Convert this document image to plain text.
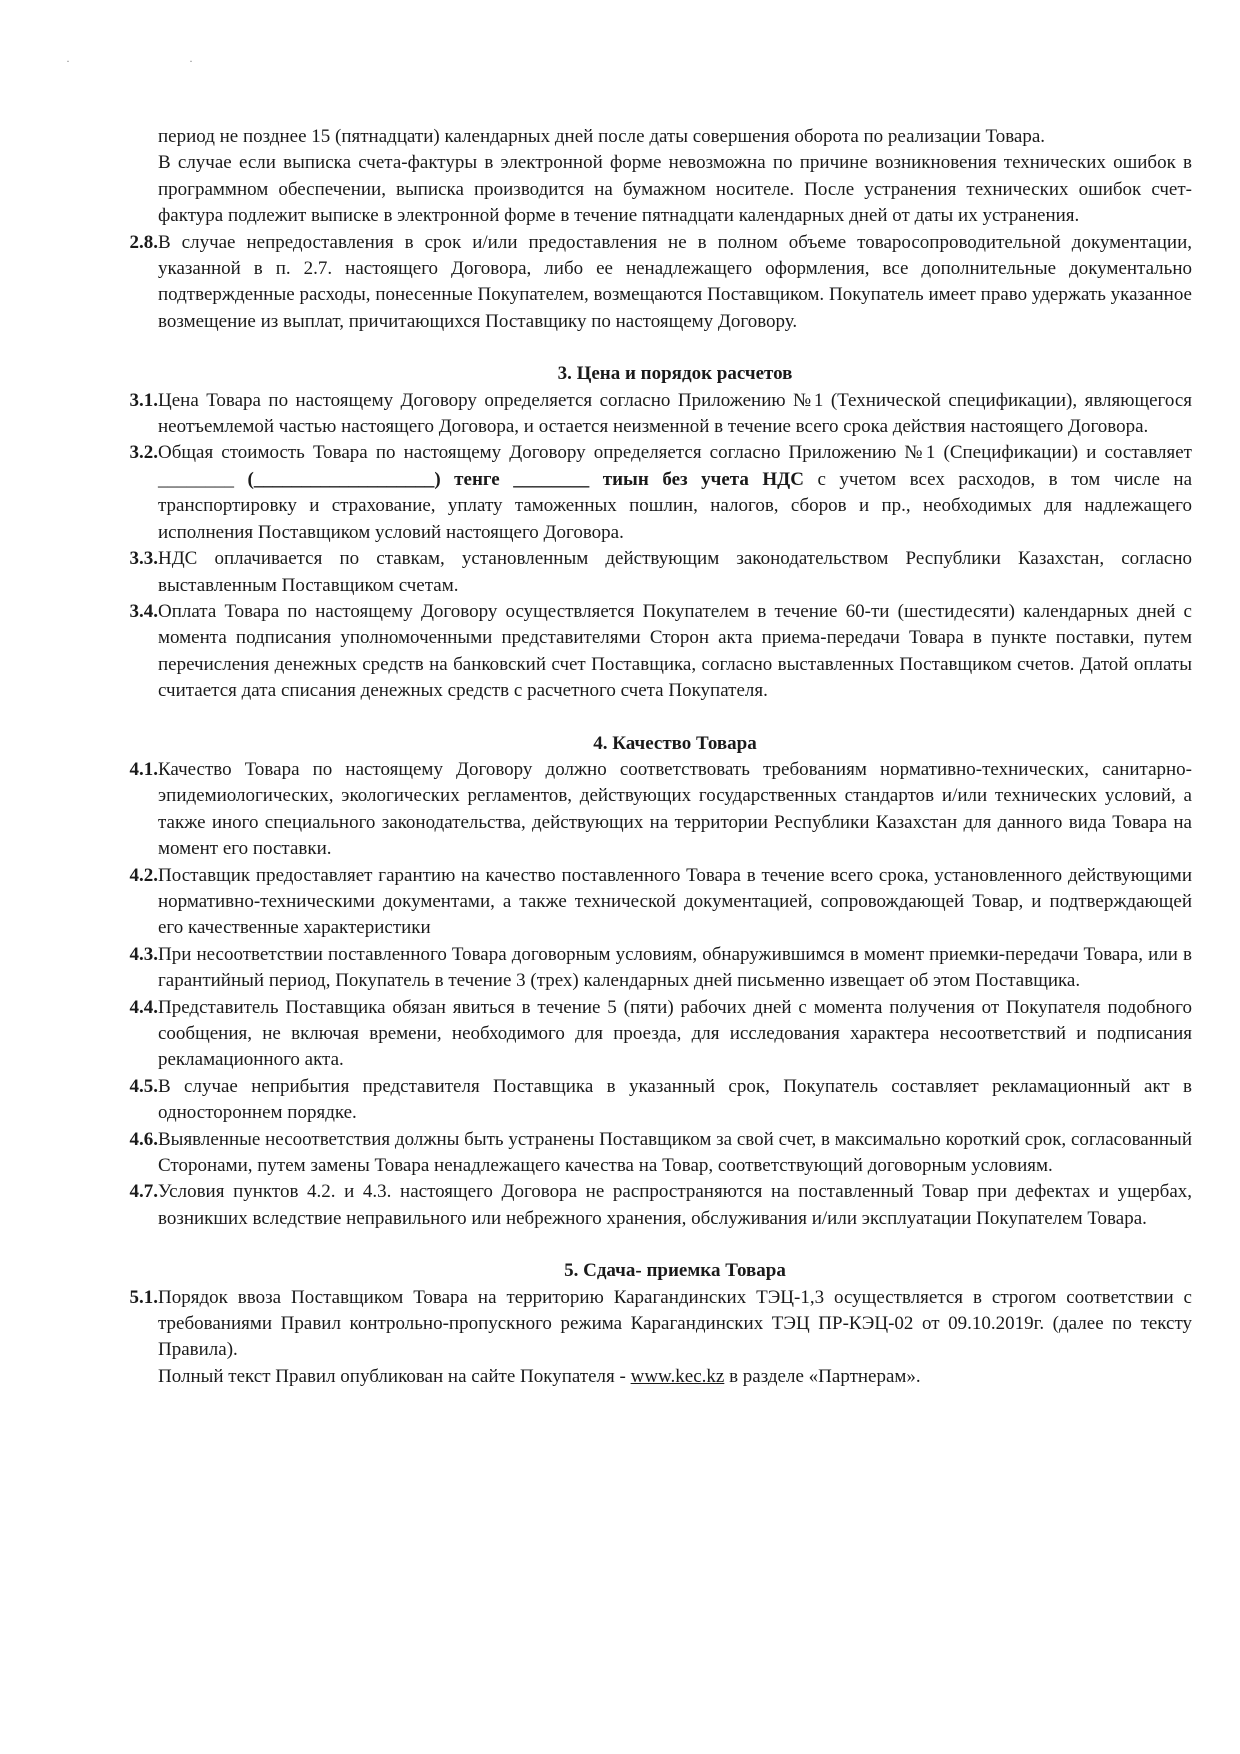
· ·

период не позднее 15 (пятнадцати) календарных дней после даты совершения оборота по реализации Товара.

В случае если выписка счета-фактуры в электронной форме невозможна по причине возникновения технических ошибок в программном обеспечении, выписка производится на бумажном носителе. После устранения технических ошибок счет-фактура подлежит выписке в электронной форме в течение пятнадцати календарных дней от даты их устранения.

2.8. В случае непредоставления в срок и/или предоставления не в полном объеме товаросопроводительной документации, указанной в п. 2.7. настоящего Договора, либо ее ненадлежащего оформления, все дополнительные документально подтвержденные расходы, понесенные Покупателем, возмещаются Поставщиком. Покупатель имеет право удержать указанное возмещение из выплат, причитающихся Поставщику по настоящему Договору.
3. Цена и порядок расчетов
3.1. Цена Товара по настоящему Договору определяется согласно Приложению №1 (Технической спецификации), являющегося неотъемлемой частью настоящего Договора, и остается неизменной в течение всего срока действия настоящего Договора.
3.2. Общая стоимость Товара по настоящему Договору определяется согласно Приложению №1 (Спецификации) и составляет ________ (___________________) тенге ________ тиын без учета НДС с учетом всех расходов, в том числе на транспортировку и страхование, уплату таможенных пошлин, налогов, сборов и пр., необходимых для надлежащего исполнения Поставщиком условий настоящего Договора.
3.3. НДС оплачивается по ставкам, установленным действующим законодательством Республики Казахстан, согласно выставленным Поставщиком счетам.
3.4. Оплата Товара по настоящему Договору осуществляется Покупателем в течение 60-ти (шестидесяти) календарных дней с момента подписания уполномоченными представителями Сторон акта приема-передачи Товара в пункте поставки, путем перечисления денежных средств на банковский счет Поставщика, согласно выставленных Поставщиком счетов. Датой оплаты считается дата списания денежных средств с расчетного счета Покупателя.
4. Качество Товара
4.1. Качество Товара по настоящему Договору должно соответствовать требованиям нормативно-технических, санитарно-эпидемиологических, экологических регламентов, действующих государственных стандартов и/или технических условий, а также иного специального законодательства, действующих на территории Республики Казахстан для данного вида Товара на момент его поставки.
4.2. Поставщик предоставляет гарантию на качество поставленного Товара в течение всего срока, установленного действующими нормативно-техническими документами, а также технической документацией, сопровождающей Товар, и подтверждающей его качественные характеристики
4.3. При несоответствии поставленного Товара договорным условиям, обнаружившимся в момент приемки-передачи Товара, или в гарантийный период, Покупатель в течение 3 (трех) календарных дней письменно извещает об этом Поставщика.
4.4. Представитель Поставщика обязан явиться в течение 5 (пяти) рабочих дней с момента получения от Покупателя подобного сообщения, не включая времени, необходимого для проезда, для исследования характера несоответствий и подписания рекламационного акта.
4.5. В случае неприбытия представителя Поставщика в указанный срок, Покупатель составляет рекламационный акт в одностороннем порядке.
4.6. Выявленные несоответствия должны быть устранены Поставщиком за свой счет, в максимально короткий срок, согласованный Сторонами, путем замены Товара ненадлежащего качества на Товар, соответствующий договорным условиям.
4.7. Условия пунктов 4.2. и 4.3. настоящего Договора не распространяются на поставленный Товар при дефектах и ущербах, возникших вследствие неправильного или небрежного хранения, обслуживания и/или эксплуатации Покупателем Товара.
5. Сдача- приемка Товара
5.1. Порядок ввоза Поставщиком Товара на территорию Карагандинских ТЭЦ-1,3 осуществляется в строгом соответствии с требованиями Правил контрольно-пропускного режима Карагандинских ТЭЦ ПР-КЭЦ-02 от 09.10.2019г. (далее по тексту Правила).

Полный текст Правил опубликован на сайте Покупателя - www.kec.kz в разделе «Партнерам».
